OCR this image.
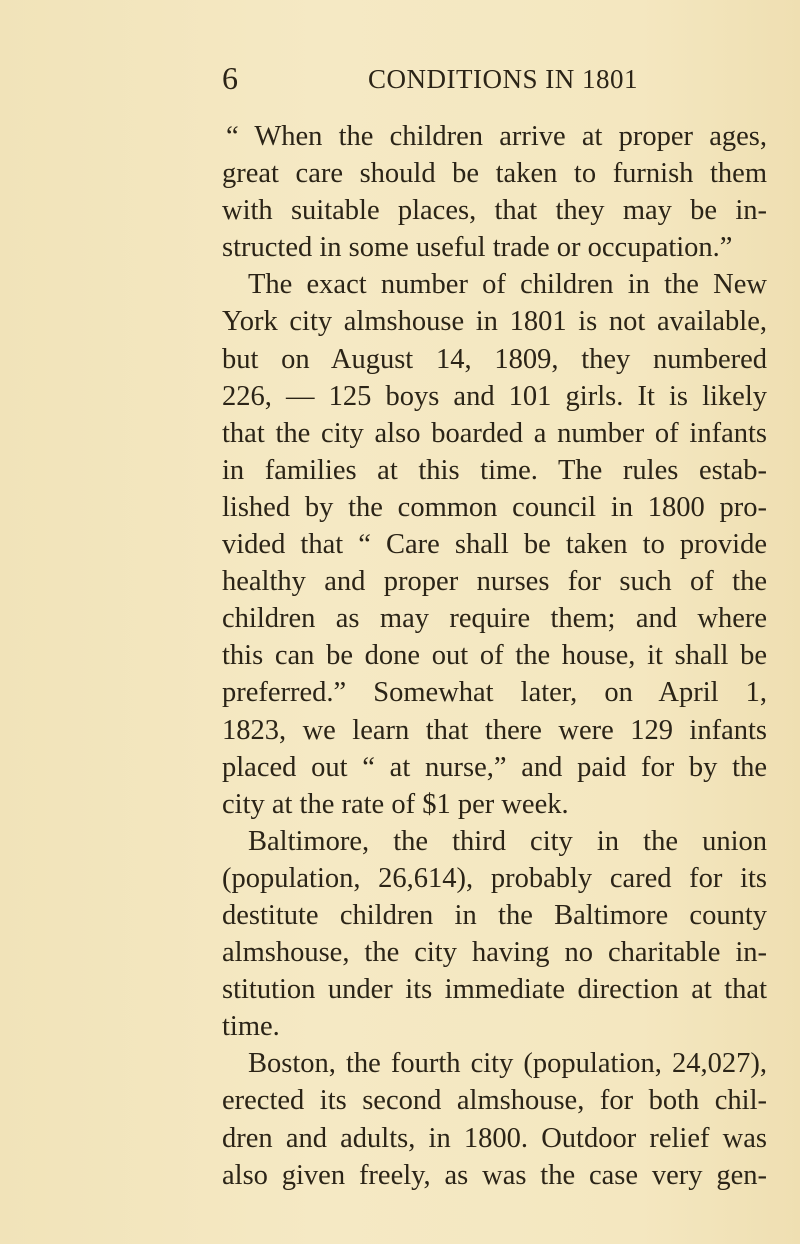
6	CONDITIONS IN 1801
“ When the children arrive at proper ages,
great care should be taken to furnish them
with suitable places, that they may be in-
structed in some useful trade or occupation.”
The exact number of children in the New
York city almshouse in 1801 is not available,
but on August 14, 1809, they numbered
226, — 125 boys and 101 girls. It is likely
that the city also boarded a number of infants
in families at this time. The rules estab-
lished by the common council in 1800 pro-
vided that “ Care shall be taken to provide
healthy and proper nurses for such of the
children as may require them; and where
this can be done out of the house, it shall be
preferred.” Somewhat later, on April 1,
1823, we learn that there were 129 infants
placed out “ at nurse,” and paid for by the
city at the rate of $1 per week.
Baltimore, the third city in the union
(population, 26,614), probably cared for its
destitute children in the Baltimore county
almshouse, the city having no charitable in-
stitution under its immediate direction at that
time.
Boston, the fourth city (population, 24,027),
erected its second almshouse, for both chil-
dren and adults, in 1800. Outdoor relief was
also given freely, as was the case very gen-
